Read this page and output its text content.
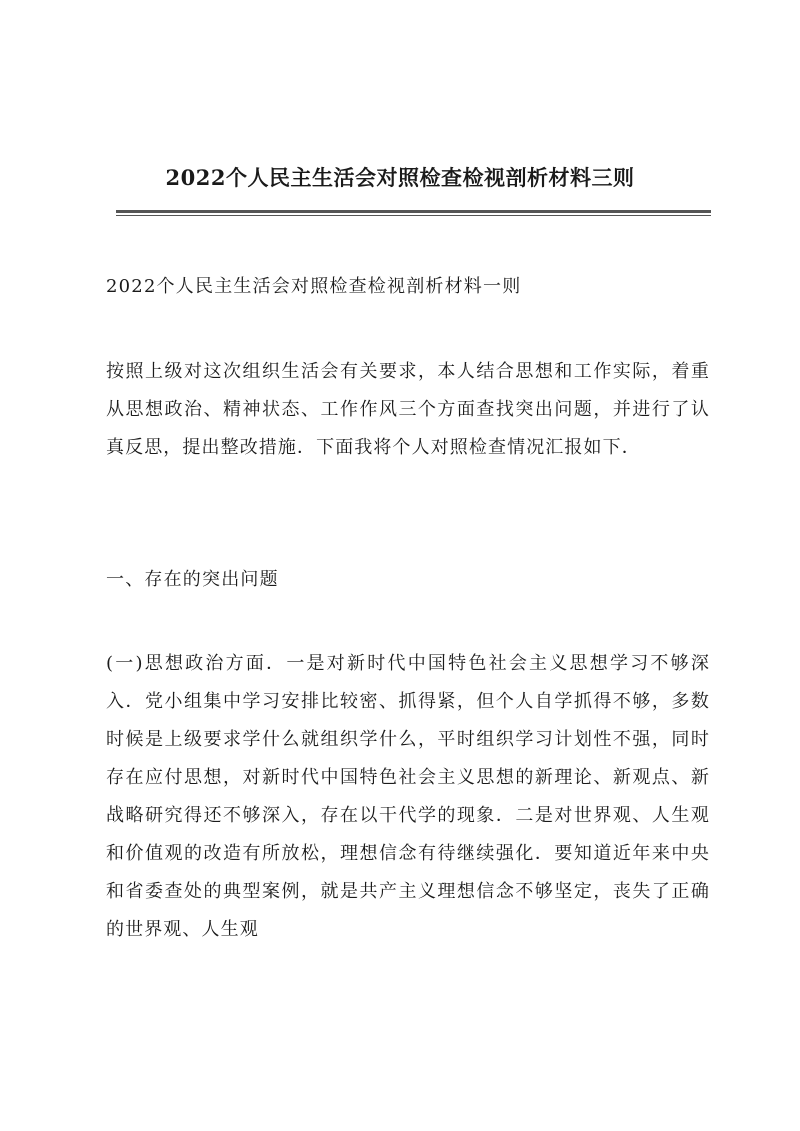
2022个人民主生活会对照检查检视剖析材料三则
2022个人民主生活会对照检查检视剖析材料一则

按照上级对这次组织生活会有关要求，本人结合思想和工作实际，着重从思想政治、精神状态、工作作风三个方面查找突出问题，并进行了认真反思，提出整改措施．下面我将个人对照检查情况汇报如下．

一、存在的突出问题

(一)思想政治方面．一是对新时代中国特色社会主义思想学习不够深入．党小组集中学习安排比较密、抓得紧，但个人自学抓得不够，多数时候是上级要求学什么就组织学什么，平时组织学习计划性不强，同时存在应付思想，对新时代中国特色社会主义思想的新理论、新观点、新战略研究得还不够深入，存在以干代学的现象．二是对世界观、人生观和价值观的改造有所放松，理想信念有待继续强化．要知道近年来中央和省委查处的典型案例，就是共产主义理想信念不够坚定，丧失了正确的世界观、人生观
